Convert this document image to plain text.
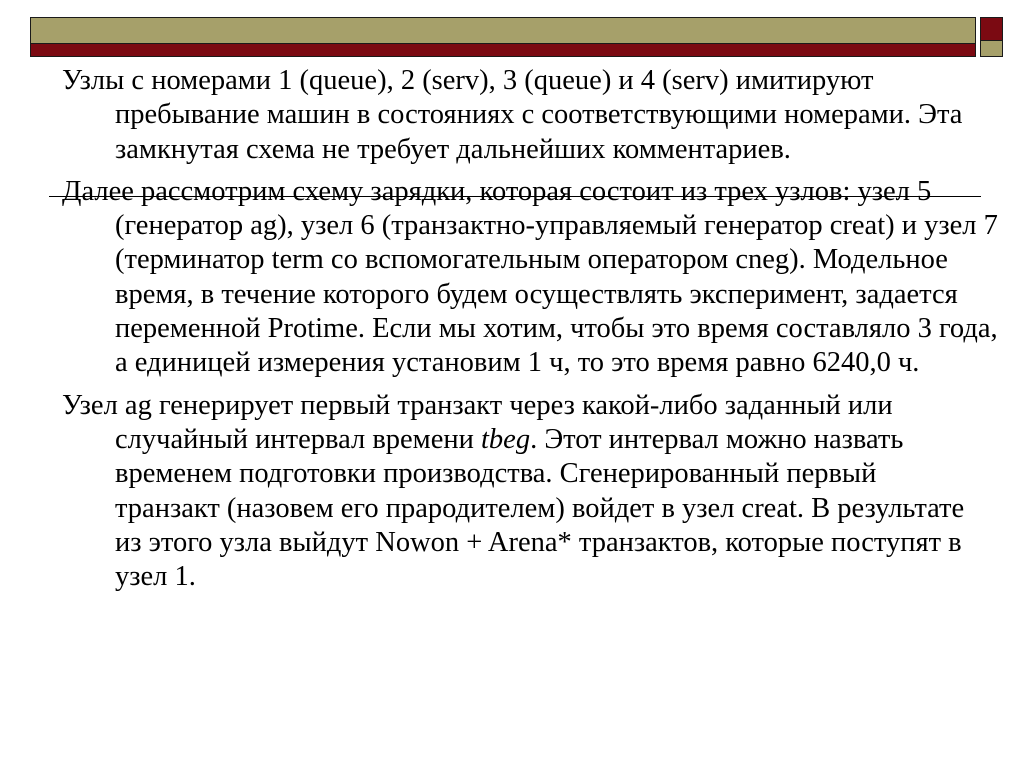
Узлы с номерами 1 (queue), 2 (serv), 3 (queue) и 4 (serv) имитируют пребывание машин в состояниях с соответствующими номерами. Эта замкнутая схема не требует дальнейших комментариев.

Далее рассмотрим схему зарядки, которая состоит из трех узлов: узел 5 (генератор ag), узел 6 (транзактно-управляемый генератор creat) и узел 7 (терминатор term со вспомогательным оператором cneg). Модельное время, в течение которого будем осуществлять эксперимент, задается переменной Protime. Если мы хотим, чтобы это время составляло 3 года, а единицей измерения установим 1 ч, то это время равно 6240,0 ч.

Узел ag генерирует первый транзакт через какой-либо заданный или случайный интервал времени tbeg. Этот интервал можно назвать временем подготовки производства. Сгенерированный первый транзакт (назовем его прародителем) войдет в узел creat. В результате из этого узла выйдут Nowon + Arena* транзактов, которые поступят в узел 1.
